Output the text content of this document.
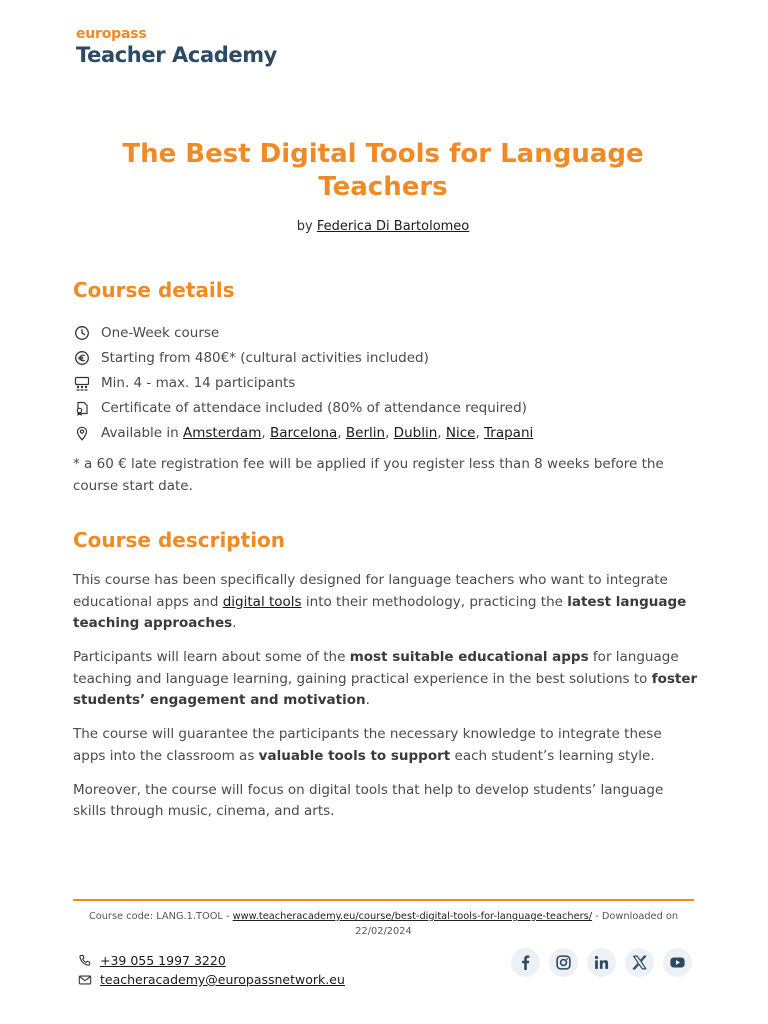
europass
Teacher Academy
The Best Digital Tools for Language Teachers
by Federica Di Bartolomeo
Course details
One-Week course
Starting from 480€* (cultural activities included)
Min. 4 - max. 14 participants
Certificate of attendace included (80% of attendance required)
Available in
Amsterdam , Barcelona , Berlin , Dublin , Nice , Trapani
* a 60 € late registration fee will be applied if you register less than 8 weeks before the course start date.
Course description

This course has been specifically designed for language teachers who want to integrate educational apps and digital tools into their methodology, practicing the latest language teaching approaches.

Participants will learn about some of the most suitable educational apps for language teaching and language learning, gaining practical experience in the best solutions to foster students’ engagement and motivation.

The course will guarantee the participants the necessary knowledge to integrate these apps into the classroom as valuable tools to support each student’s learning style.

Moreover, the course will focus on digital tools that help to develop students’ language skills through music, cinema, and arts.

Course code: LANG.1.TOOL - www.teacheracademy.eu/course/best-digital-tools-for-language-teachers/ - Downloaded on 22/02/2024
+39 055 1997 3220
teacheracademy@europassnetwork.eu
